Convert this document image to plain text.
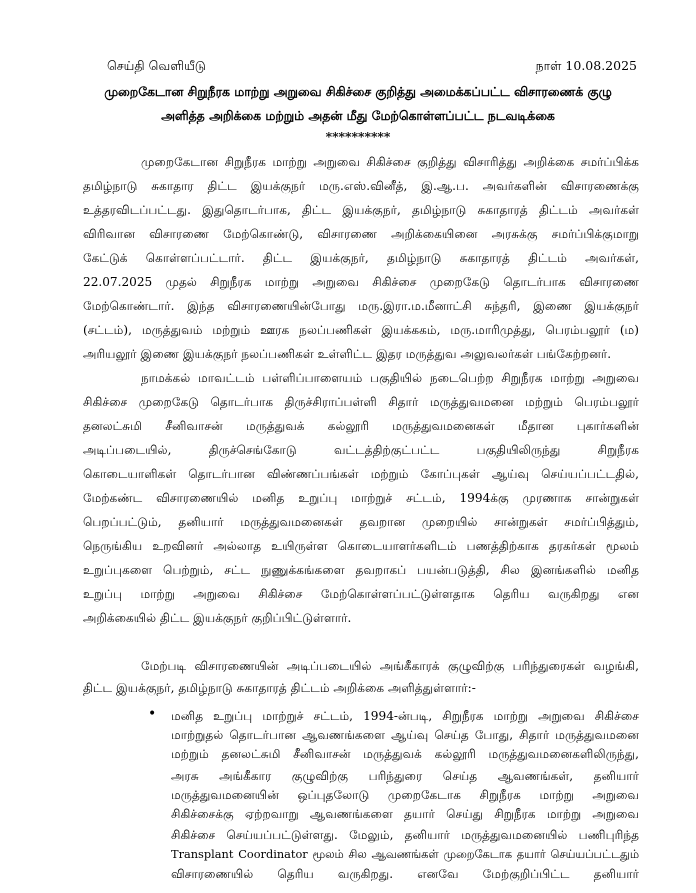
செய்தி வெளியீடு	நாள் 10.08.2025
முறைகேடான சிறுநீரக மாற்று அறுவை சிகிச்சை குறித்து அமைக்கப்பட்ட விசாரணைக் குழு
அளித்த அறிக்கை மற்றும் அதன் மீது மேற்கொள்ளப்பட்ட நடவடிக்கை
**********
முறைகேடான சிறுநீரக மாற்று அறுவை சிகிச்சை குறித்து விசாரித்து அறிக்கை சமர்ப்பிக்க
தமிழ்நாடு சுகாதார திட்ட இயக்குநர் மரு.எஸ்.வினீத், இ.ஆ.ப. அவர்களின் விசாரணைக்கு
உத்தரவிடப்பட்டது. இதுதொடர்பாக, திட்ட இயக்குநர், தமிழ்நாடு சுகாதாரத் திட்டம் அவர்கள்
விரிவான விசாரணை மேற்கொண்டு, விசாரணை அறிக்கையினை அரசுக்கு சமர்ப்பிக்குமாறு
கேட்டுக் கொள்ளப்பட்டார். திட்ட இயக்குநர், தமிழ்நாடு சுகாதாரத் திட்டம் அவர்கள்,
22.07.2025 முதல் சிறுநீரக மாற்று அறுவை சிகிச்சை முறைகேடு தொடர்பாக விசாரணை
மேற்கொண்டார். இந்த விசாரணையின்போது மரு.இரா.ம.மீனாட்சி சுந்தரி, இணை இயக்குநர்
(சட்டம்), மருத்துவம் மற்றும் ஊரக நலப்பணிகள் இயக்ககம், மரு.மாரிமுத்து, பெரம்பலூர் (ம)
அரியலூர் இணை இயக்குநர் நலப்பணிகள் உள்ளிட்ட இதர மருத்துவ அலுவலர்கள் பங்கேற்றனர்.
நாமக்கல் மாவட்டம் பள்ளிப்பாளையம் பகுதியில் நடைபெற்ற சிறுநீரக மாற்று அறுவை
சிகிச்சை முறைகேடு தொடர்பாக திருச்சிராப்பள்ளி சிதார் மருத்துவமனை மற்றும் பெரம்பலூர்
தனலட்சுமி சீனிவாசன் மருத்துவக் கல்லூரி மருத்துவமனைகள் மீதான புகார்களின்
அடிப்படையில், திருச்செங்கோடு வட்டத்திற்குட்பட்ட பகுதியிலிருந்து சிறுநீரக
கொடையாளிகள் தொடர்பான விண்ணப்பங்கள் மற்றும் கோப்புகள் ஆய்வு செய்யப்பட்டதில்,
மேற்கண்ட விசாரணையில் மனித உறுப்பு மாற்றுச் சட்டம், 1994க்கு முரணாக சான்றுகள்
பெறப்பட்டும், தனியார் மருத்துவமனைகள் தவறான முறையில் சான்றுகள் சமர்ப்பித்தும்,
நெருங்கிய உறவினர் அல்லாத உயிருள்ள கொடையாளர்களிடம் பணத்திற்காக தரகர்கள் மூலம்
உறுப்புகளை பெற்றும், சட்ட நுணுக்கங்களை தவறாகப் பயன்படுத்தி, சில இனங்களில் மனித
உறுப்பு மாற்று அறுவை சிகிச்சை மேற்கொள்ளப்பட்டுள்ளதாக தெரிய வருகிறது என
அறிக்கையில் திட்ட இயக்குநர் குறிப்பிட்டுள்ளார்.
மேற்படி விசாரணையின் அடிப்படையில் அங்கீகாரக் குழுவிற்கு பரிந்துரைகள் வழங்கி,
திட்ட இயக்குநர், தமிழ்நாடு சுகாதாரத் திட்டம் அறிக்கை அளித்துள்ளார்:-
• மனித உறுப்பு மாற்றுச் சட்டம், 1994-ன்படி, சிறுநீரக மாற்று அறுவை சிகிச்சை
மாற்றுதல் தொடர்பான ஆவணங்களை ஆய்வு செய்த போது, சிதார் மருத்துவமனை
மற்றும் தனலட்சுமி சீனிவாசன் மருத்துவக் கல்லூரி மருத்துவமனைகளிலிருந்து,
அரசு அங்கீகார குழுவிற்கு பரிந்துரை செய்த ஆவணங்கள், தனியார்
மருத்துவமனையின் ஒப்புதலோடு முறைகேடாக சிறுநீரக மாற்று அறுவை
சிகிச்சைக்கு ஏற்றவாறு ஆவணங்களை தயார் செய்து சிறுநீரக மாற்று அறுவை
சிகிச்சை செய்யப்பட்டுள்ளது. மேலும், தனியார் மருத்துவமனையில் பணிபுரிந்த
Transplant Coordinator மூலம் சில ஆவணங்கள் முறைகேடாக தயார் செய்யப்பட்டதும்
விசாரணையில் தெரிய வருகிறது. எனவே மேற்குறிப்பிட்ட தனியார்
